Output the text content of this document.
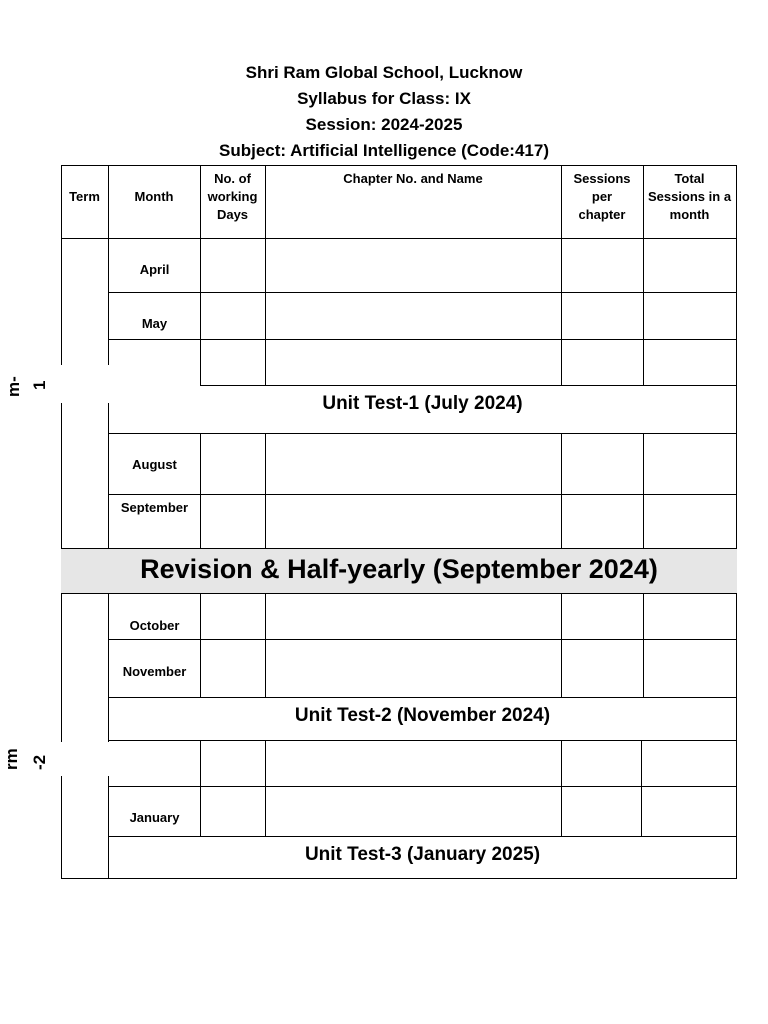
Shri Ram Global School, Lucknow
Syllabus for Class: IX
Session: 2024-2025
Subject: Artificial Intelligence (Code:417)
Term	Month
No. of
working
Days
Chapter No. and Name	Sessions
per
chapter
Total
Sessions in a
month
April
May
Unit Test-1 (July 2024)
August
September
Revision & Half-yearly (September 2024)
October
November
Unit Test-2 (November 2024)
January
Unit Test-3 (January 2025)
m- 1
rm -2
